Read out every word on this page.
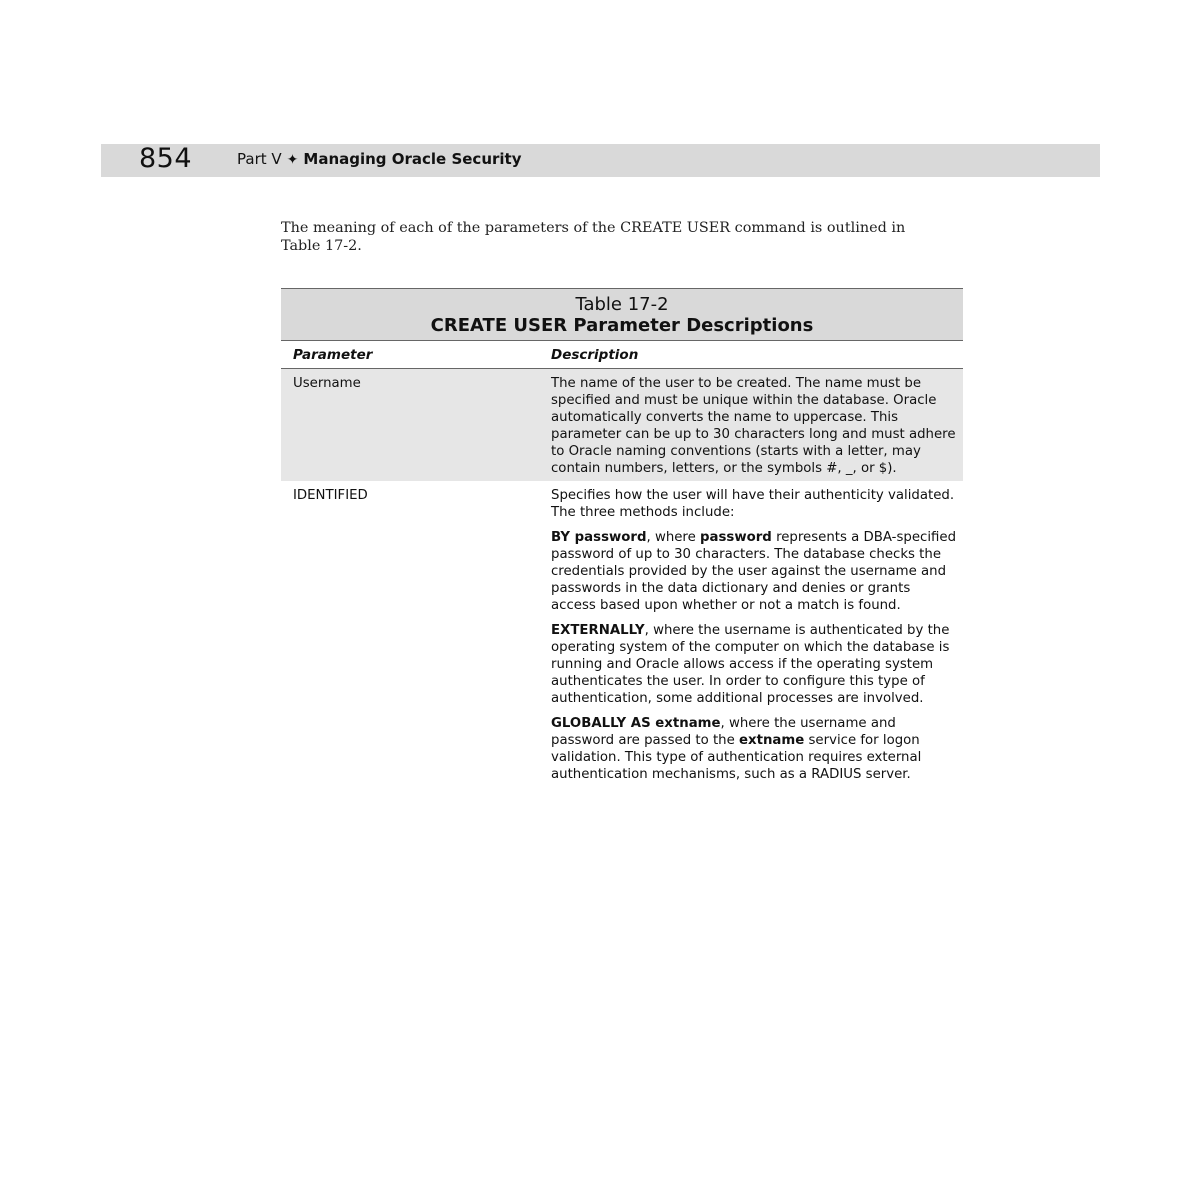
854	Part V ✦ Managing Oracle Security
The meaning of each of the parameters of the CREATE USER command is outlined in
Table 17-2.
Table 17-2
CREATE USER Parameter Descriptions
Parameter	Description
Username	The name of the user to be created. The name must be specified and must be unique within the database. Oracle automatically converts the name to uppercase. This parameter can be up to 30 characters long and must adhere to Oracle naming conventions (starts with a letter, may contain numbers, letters, or the symbols #, _, or $).

IDENTIFIED	Specifies how the user will have their authenticity validated. The three methods include:

BY password, where password represents a DBA-specified password of up to 30 characters. The database checks the credentials provided by the user against the username and passwords in the data dictionary and denies or grants access based upon whether or not a match is found.

EXTERNALLY, where the username is authenticated by the operating system of the computer on which the database is running and Oracle allows access if the operating system authenticates the user. In order to configure this type of authentication, some additional processes are involved.

GLOBALLY AS extname, where the username and password are passed to the extname service for logon validation. This type of authentication requires external authentication mechanisms, such as a RADIUS server.
